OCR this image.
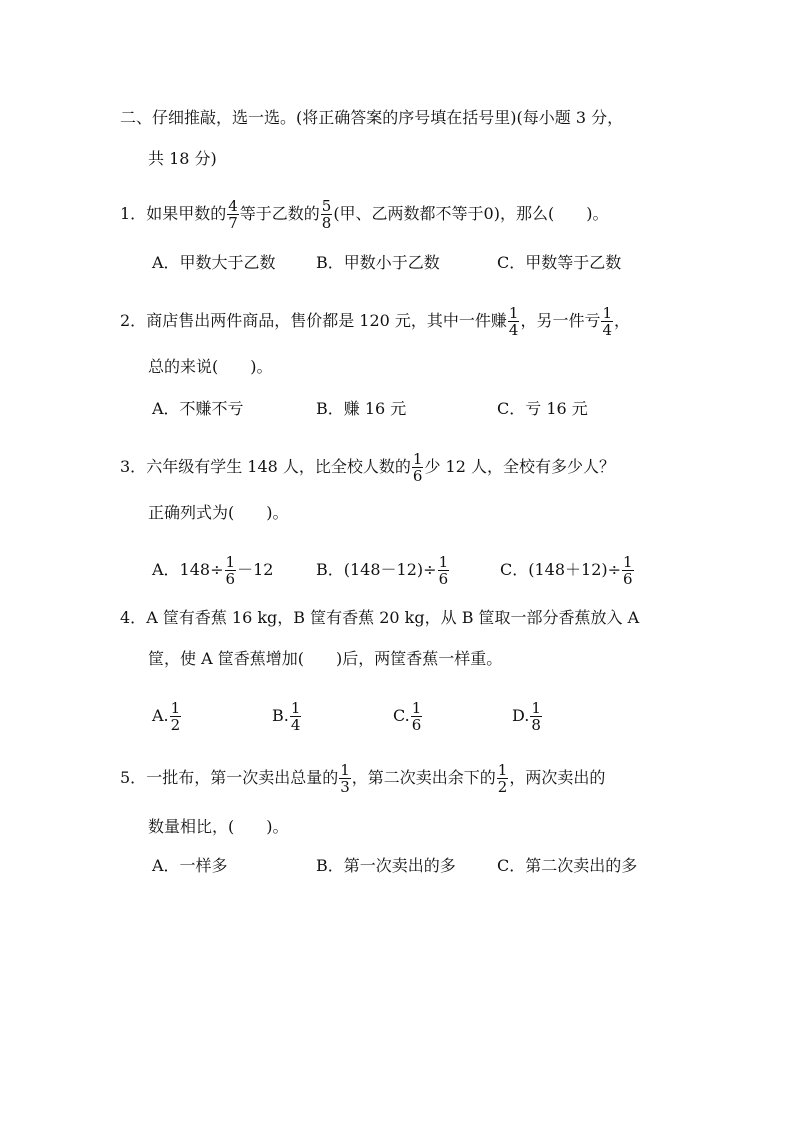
二、仔细推敲，选一选。(将正确答案的序号填在括号里)(每小题 3 分，
共 18 分)
1．如果甲数的 $\frac{4}{7}$ 等于乙数的 $\frac{5}{8}$ (甲、乙两数都不等于0)，那么(　　)。
A．甲数大于乙数	B．甲数小于乙数	C．甲数等于乙数
2．商店售出两件商品，售价都是 120 元，其中一件赚 $\frac{1}{4}$ ，另一件亏 $\frac{1}{4}$ ，
总的来说(　　)。
A．不赚不亏	B．赚 16 元	C．亏 16 元
3．六年级有学生 148 人，比全校人数的 $\frac{1}{6}$ 少 12 人，全校有多少人？
正确列式为(　　)。
A．$148\div \frac{1}{6} -12$	B．$(148-12)\div \frac{1}{6}$	C．$(148+12)\div \frac{1}{6}$
4．A 筐有香蕉 16 kg，B 筐有香蕉 20 kg，从 B 筐取一部分香蕉放入 A
筐，使 A 筐香蕉增加(　　)后，两筐香蕉一样重。
A. $\frac{1}{2}$	B. $\frac{1}{4}$	C. $\frac{1}{6}$	D. $\frac{1}{8}$
5．一批布，第一次卖出总量的 $\frac{1}{3}$ ，第二次卖出余下的 $\frac{1}{2}$ ，两次卖出的
数量相比，(　　)。
A．一样多	B．第一次卖出的多	C．第二次卖出的多
